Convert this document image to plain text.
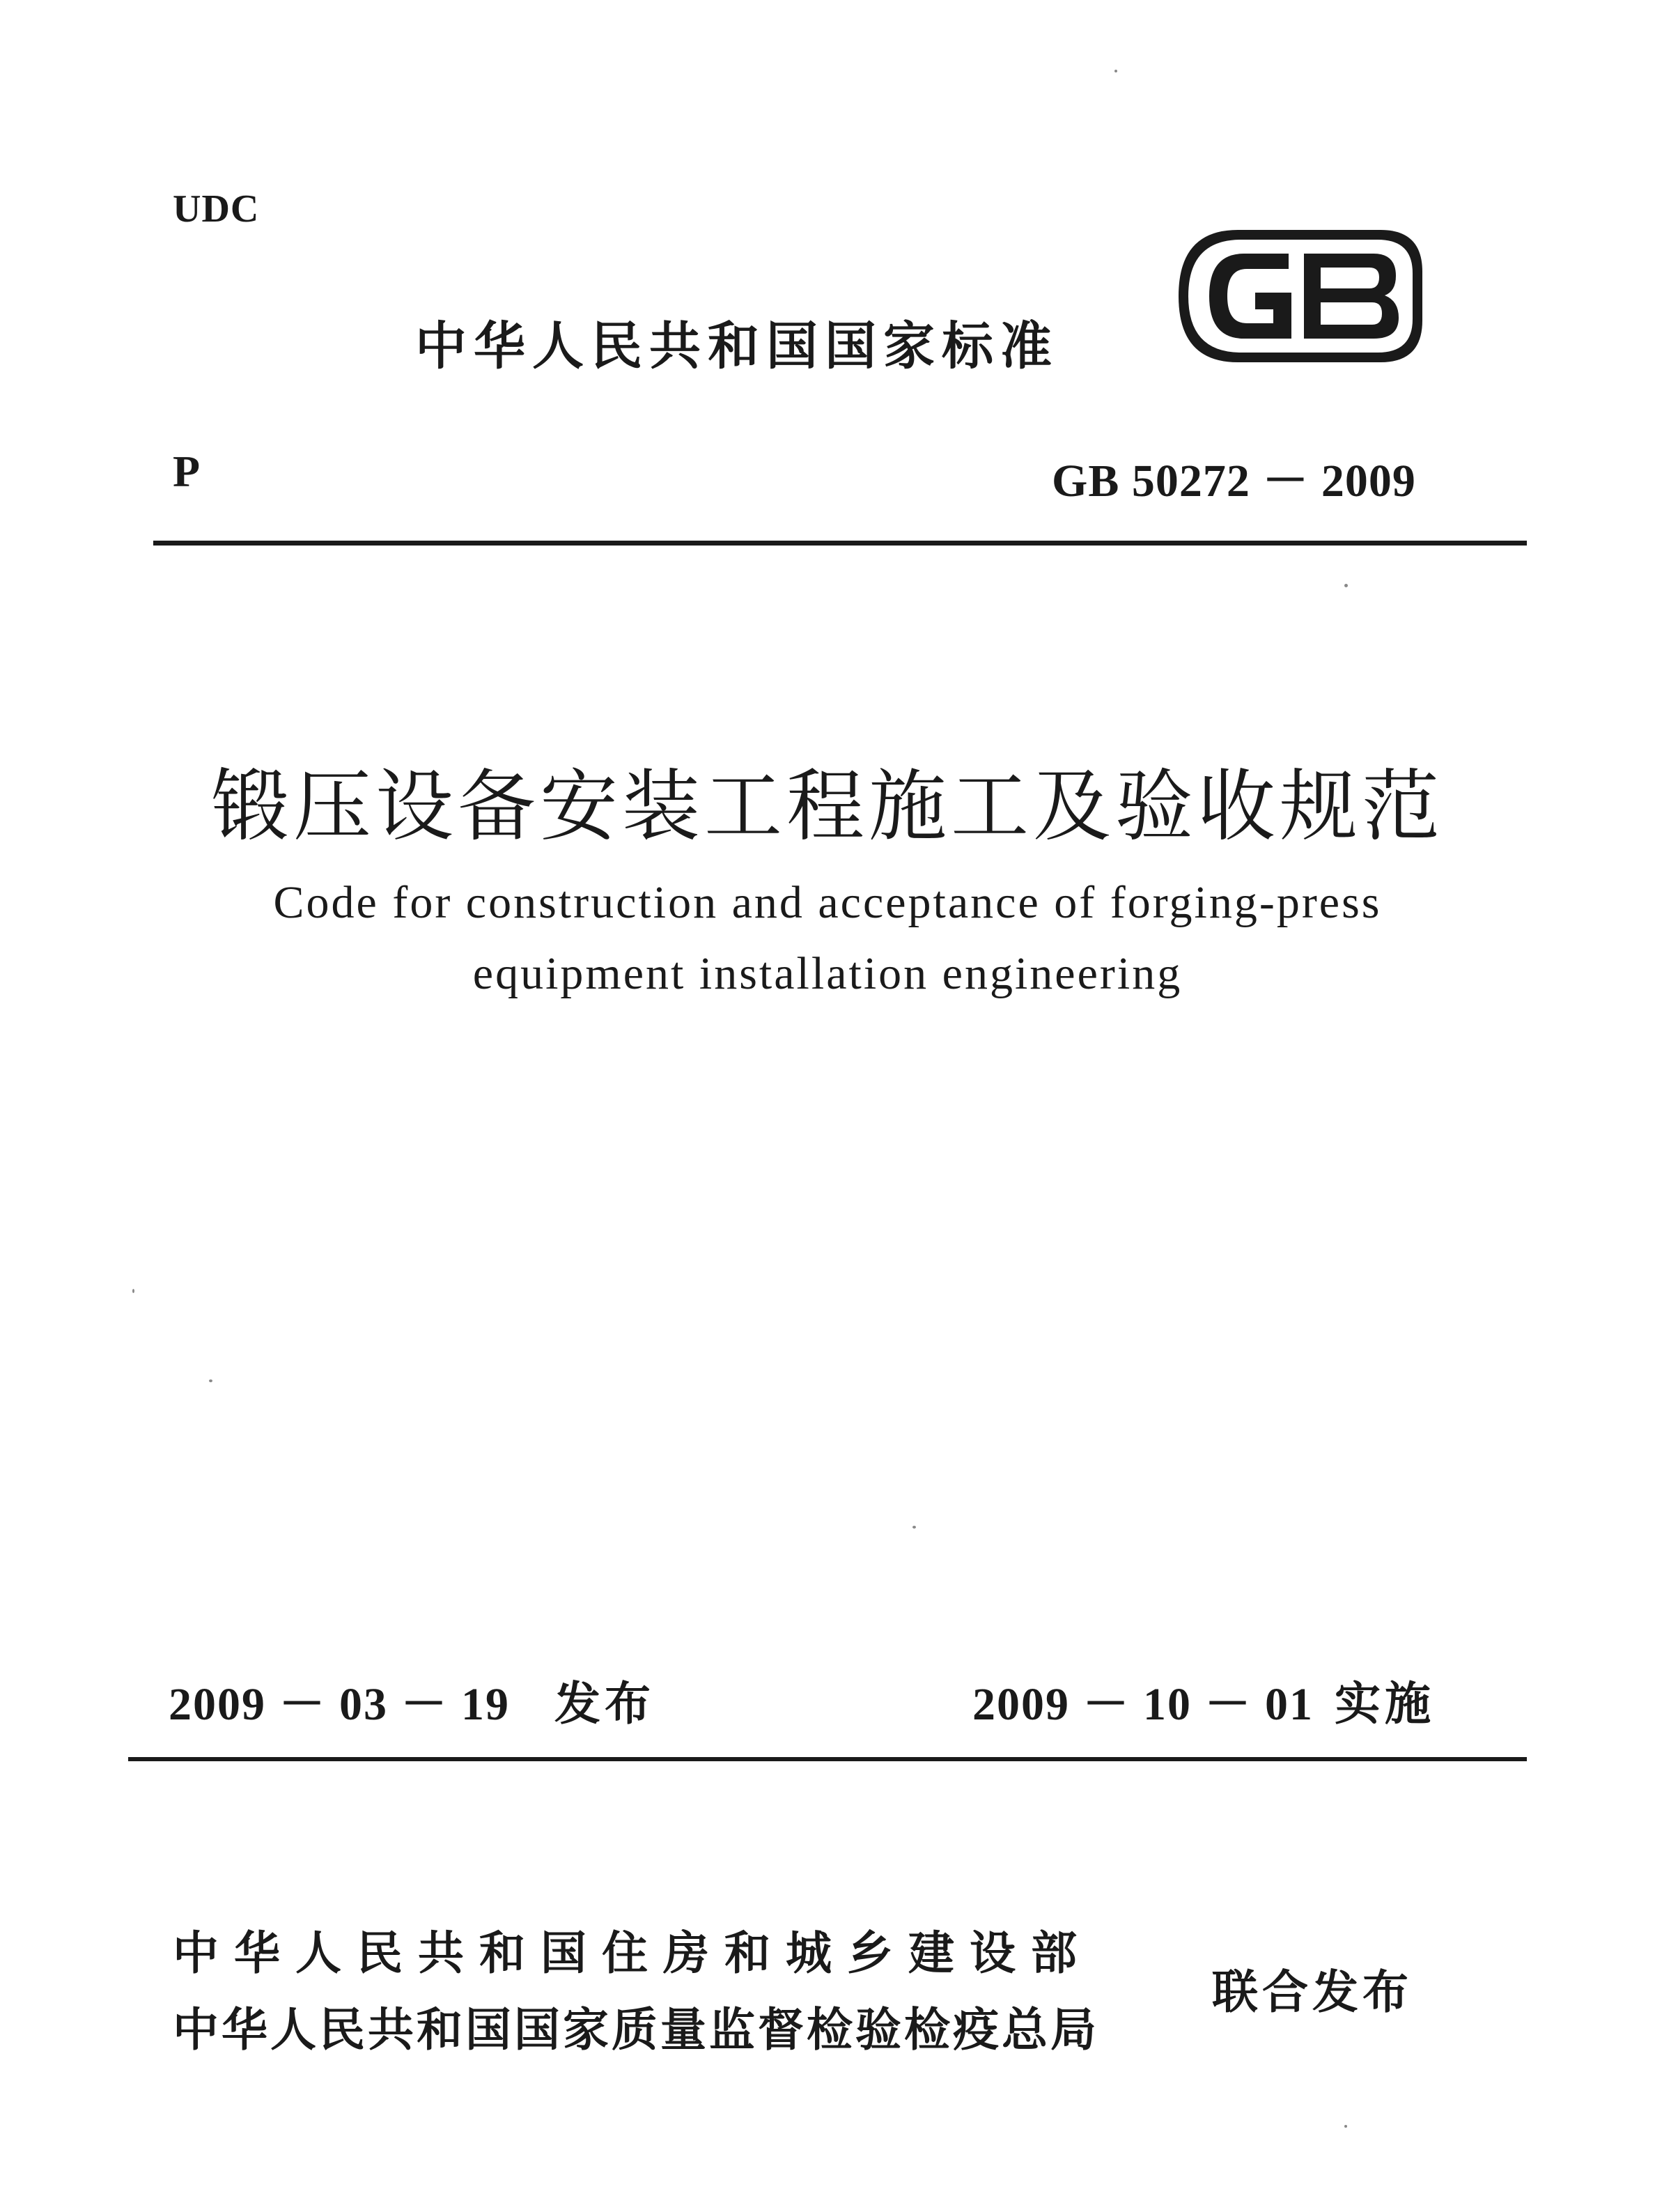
UDC
中华人民共和国国家标准
P	GB 50272 － 2009
锻压设备安装工程施工及验收规范
Code for construction and acceptance of forging-press
equipment installation engineering
2009 － 03 － 19 发布	2009 － 10 － 01 实施
中华人民共和国住房和城乡建设部
中华人民共和国国家质量监督检验检疫总局
联合发布
